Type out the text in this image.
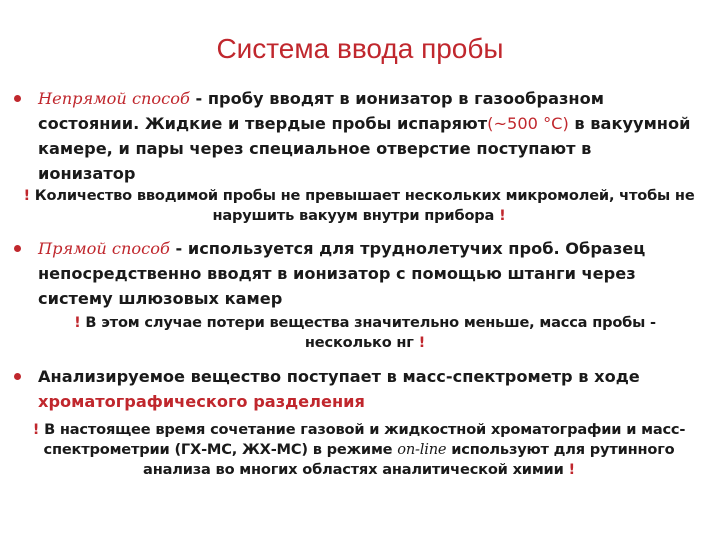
Система ввода пробы
Непрямой способ - пробу вводят в ионизатор в газообразном состоянии. Жидкие и твердые пробы испаряют(~500 °C) в вакуумной камере, и пары через специальное отверстие поступают в ионизатор
! Количество вводимой пробы не превышает нескольких микромолей, чтобы не нарушить вакуум внутри прибора !
Прямой способ - используется для труднолетучих проб. Образец непосредственно вводят в ионизатор с помощью штанги через систему шлюзовых камер
! В этом случае потери вещества значительно меньше, масса пробы - несколько нг !
Анализируемое вещество поступает в масс-спектрометр в ходе хроматографического разделения
! В настоящее время сочетание газовой и жидкостной хроматографии и масс-спектрометрии (ГХ-МС, ЖХ-МС) в режиме on-line используют для рутинного анализа во многих областях аналитической химии !
